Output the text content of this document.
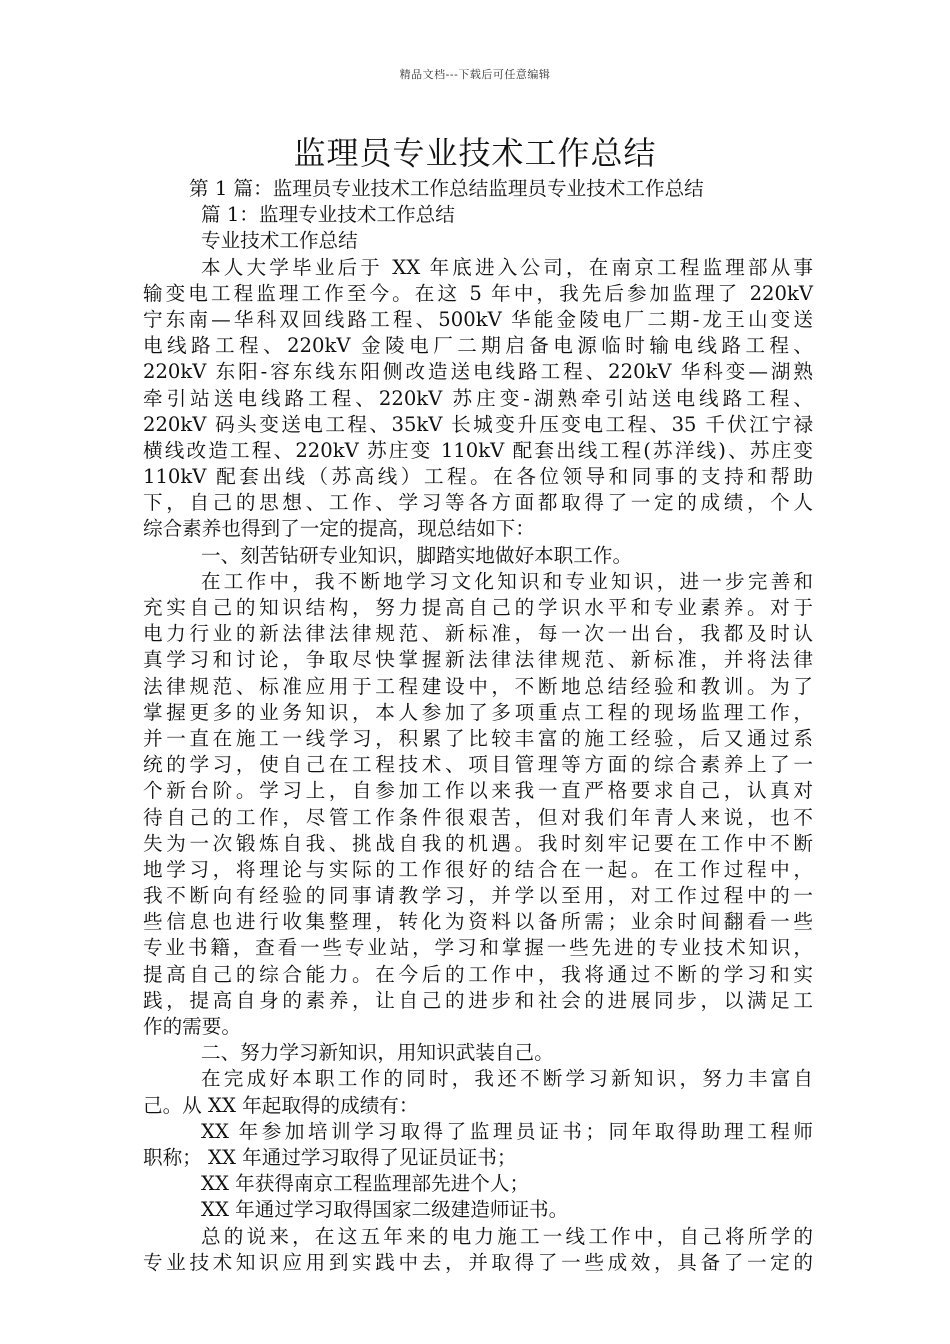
精品文档---下载后可任意编辑
监理员专业技术工作总结
第 1 篇：监理员专业技术工作总结监理员专业技术工作总结
篇 1：监理专业技术工作总结
专业技术工作总结
本人大学毕业后于 XX 年底进入公司，在南京工程监理部从事
输变电工程监理工作至今。在这 5 年中，我先后参加监理了 220kV
宁东南—华科双回线路工程、500kV 华能金陵电厂二期-龙王山变送
电线路工程、220kV 金陵电厂二期启备电源临时输电线路工程、
220kV 东阳-容东线东阳侧改造送电线路工程、220kV 华科变—湖熟
牵引站送电线路工程、220kV 苏庄变-湖熟牵引站送电线路工程、
220kV 码头变送电工程、35kV 长城变升压变电工程、35 千伏江宁禄
横线改造工程、220kV 苏庄变 110kV 配套出线工程(苏洋线)、苏庄变
110kV 配套出线（苏高线）工程。在各位领导和同事的支持和帮助
下，自己的思想、工作、学习等各方面都取得了一定的成绩，个人
综合素养也得到了一定的提高，现总结如下：
一、刻苦钻研专业知识，脚踏实地做好本职工作。
在工作中，我不断地学习文化知识和专业知识，进一步完善和
充实自己的知识结构，努力提高自己的学识水平和专业素养。对于
电力行业的新法律法律规范、新标准，每一次一出台，我都及时认
真学习和讨论，争取尽快掌握新法律法律规范、新标准，并将法律
法律规范、标准应用于工程建设中，不断地总结经验和教训。为了
掌握更多的业务知识，本人参加了多项重点工程的现场监理工作，
并一直在施工一线学习，积累了比较丰富的施工经验，后又通过系
统的学习，使自己在工程技术、项目管理等方面的综合素养上了一
个新台阶。学习上，自参加工作以来我一直严格要求自己，认真对
待自己的工作，尽管工作条件很艰苦，但对我们年青人来说，也不
失为一次锻炼自我、挑战自我的机遇。我时刻牢记要在工作中不断
地学习，将理论与实际的工作很好的结合在一起。在工作过程中，
我不断向有经验的同事请教学习，并学以至用，对工作过程中的一
些信息也进行收集整理，转化为资料以备所需；业余时间翻看一些
专业书籍，查看一些专业站，学习和掌握一些先进的专业技术知识，
提高自己的综合能力。在今后的工作中，我将通过不断的学习和实
践，提高自身的素养，让自己的进步和社会的进展同步，以满足工
作的需要。
二、努力学习新知识，用知识武装自己。
在完成好本职工作的同时，我还不断学习新知识，努力丰富自
己。从 XX 年起取得的成绩有：
XX 年参加培训学习取得了监理员证书；同年取得助理工程师
职称； XX 年通过学习取得了见证员证书；
XX 年获得南京工程监理部先进个人；
XX 年通过学习取得国家二级建造师证书。
总的说来，在这五年来的电力施工一线工作中，自己将所学的
专业技术知识应用到实践中去，并取得了一些成效，具备了一定的
